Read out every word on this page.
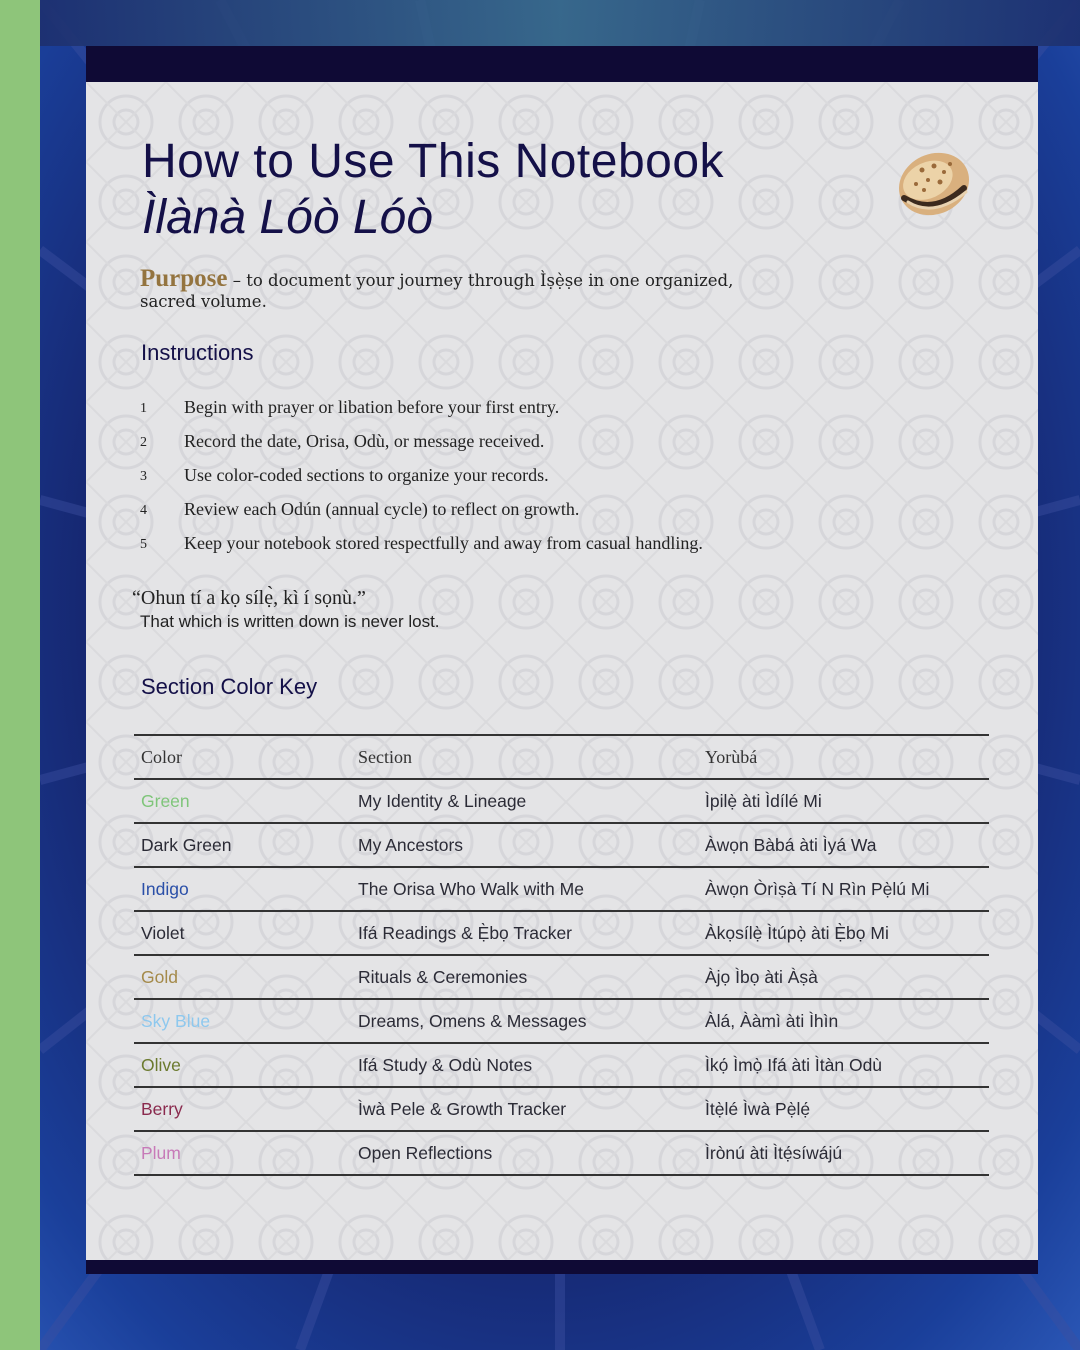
How to Use This Notebook
Ìlànà Lóò Lóò
Purpose – to document your journey through Ìṣẹ̀ṣe in one organized, sacred volume.
Instructions
1 Begin with prayer or libation before your first entry.
2 Record the date, Orisa, Odù, or message received.
3 Use color-coded sections to organize your records.
4 Review each Odún (annual cycle) to reflect on growth.
5 Keep your notebook stored respectfully and away from casual handling.
“Ohun tí a kọ sílẹ̀, kì í sọnù.”
That which is written down is never lost.
Section Color Key
Color	Section	Yorùbá
Green	My Identity & Lineage	Ìpilẹ̀ àti Ìdílé Mi
Dark Green	My Ancestors	Àwọn Bàbá àti Ìyá Wa
Indigo	The Orisa Who Walk with Me	Àwọn Òrìṣà Tí N Rìn Pẹ̀lú Mi
Violet	Ifá Readings & Ẹ̀bọ Tracker	Àkọsílẹ̀ Ìtúpọ̀ àti Ẹ̀bọ Mi
Gold	Rituals & Ceremonies	Àjọ Ìbọ àti Àṣà
Sky Blue	Dreams, Omens & Messages	Àlá, Ààmì àti Ìhìn
Olive	Ifá Study & Odù Notes	Ìkọ́ Ìmọ̀ Ifá àti Ìtàn Odù
Berry	Ìwà Pele & Growth Tracker	Ìtẹ̀lé Ìwà Pẹ̀lẹ́
Plum	Open Reflections	Ìrònú àti Ìtẹ́síwájú
